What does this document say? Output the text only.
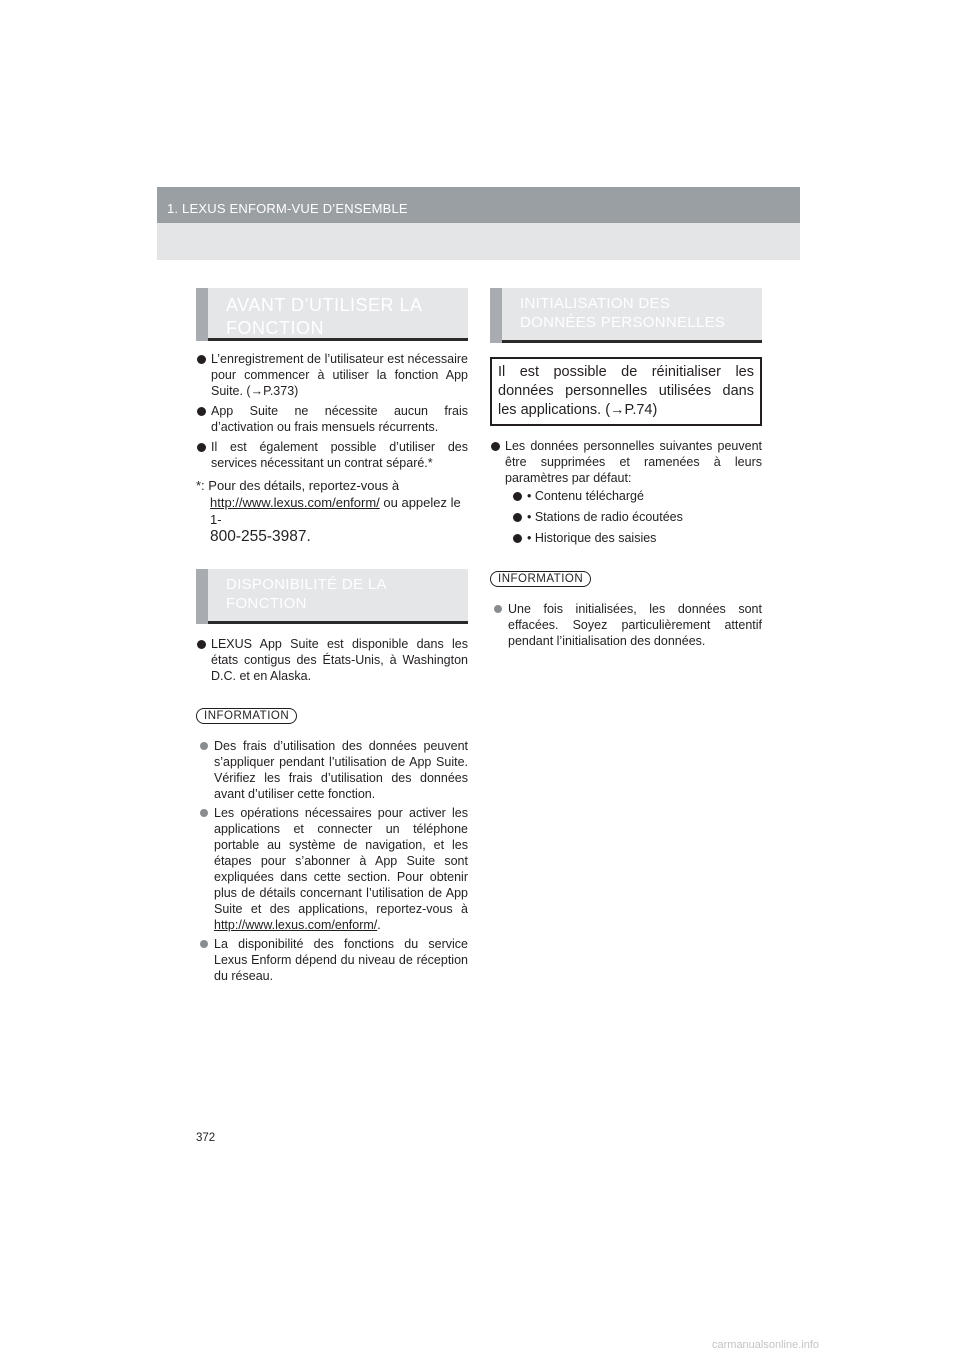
1. LEXUS ENFORM-VUE D’ENSEMBLE
AVANT D’UTILISER LA
FONCTION
L’enregistrement de l’utilisateur est nécessaire pour commencer à utiliser la fonction App Suite. (→P.373)
App Suite ne nécessite aucun frais d’activation ou frais mensuels récurrents.
Il est également possible d’utiliser des services nécessitant un contrat séparé.*
*: Pour des détails, reportez-vous à http://www.lexus.com/enform/ ou appelez le 1-
800-255-3987.
DISPONIBILITÉ DE LA
FONCTION
LEXUS App Suite est disponible dans les états contigus des États-Unis, à Washington D.C. et en Alaska.
INFORMATION
Des frais d’utilisation des données peuvent s’appliquer pendant l’utilisation de App Suite. Vérifiez les frais d’utilisation des données avant d’utiliser cette fonction.
Les opérations nécessaires pour activer les applications et connecter un téléphone portable au système de navigation, et les étapes pour s’abonner à App Suite sont expliquées dans cette section. Pour obtenir plus de détails concernant l’utilisation de App Suite et des applications, reportez-vous à http://www.lexus.com/enform/.
La disponibilité des fonctions du service Lexus Enform dépend du niveau de réception du réseau.
INITIALISATION DES
DONNÉES PERSONNELLES
Il est possible de réinitialiser les données personnelles utilisées dans les applications. (→P.74)
Les données personnelles suivantes peuvent être supprimées et ramenées à leurs paramètres par défaut:
• Contenu téléchargé
• Stations de radio écoutées
• Historique des saisies
INFORMATION
Une fois initialisées, les données sont effacées. Soyez particulièrement attentif pendant l’initialisation des données.
372
carmanualsonline.info
